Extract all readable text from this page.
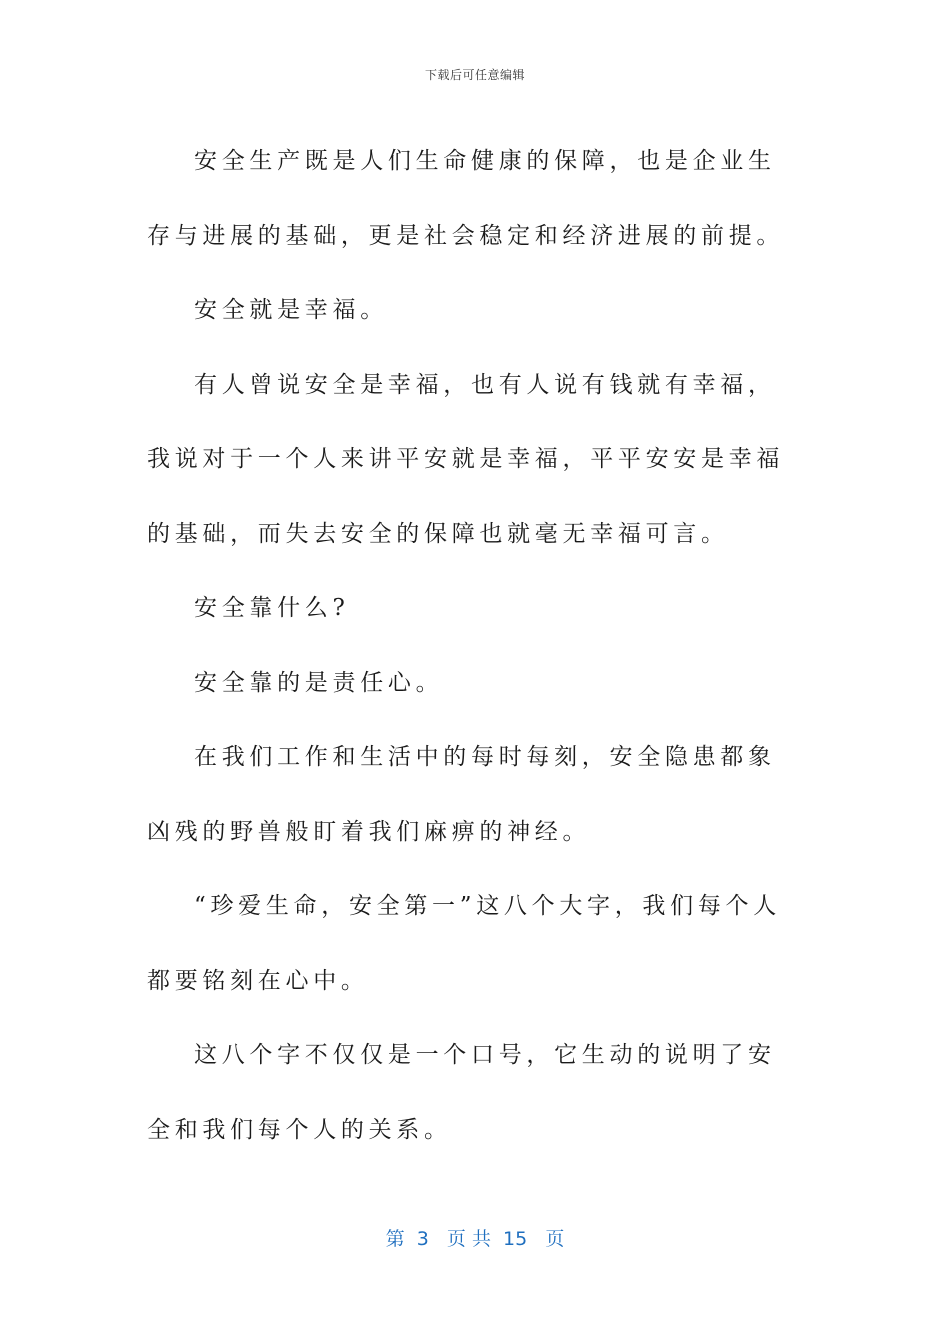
下载后可任意编辑

安全生产既是人们生命健康的保障，也是企业生存与进展的基础，更是社会稳定和经济进展的前提。

安全就是幸福。

有人曾说安全是幸福，也有人说有钱就有幸福，我说对于一个人来讲平安就是幸福，平平安安是幸福的基础，而失去安全的保障也就毫无幸福可言。

安全靠什么?

安全靠的是责任心。

在我们工作和生活中的每时每刻，安全隐患都象凶残的野兽般盯着我们麻痹的神经。

“珍爱生命，安全第一”这八个大字，我们每个人都要铭刻在心中。

这八个字不仅仅是一个口号，它生动的说明了安全和我们每个人的关系。

第  3   页 共  15   页
